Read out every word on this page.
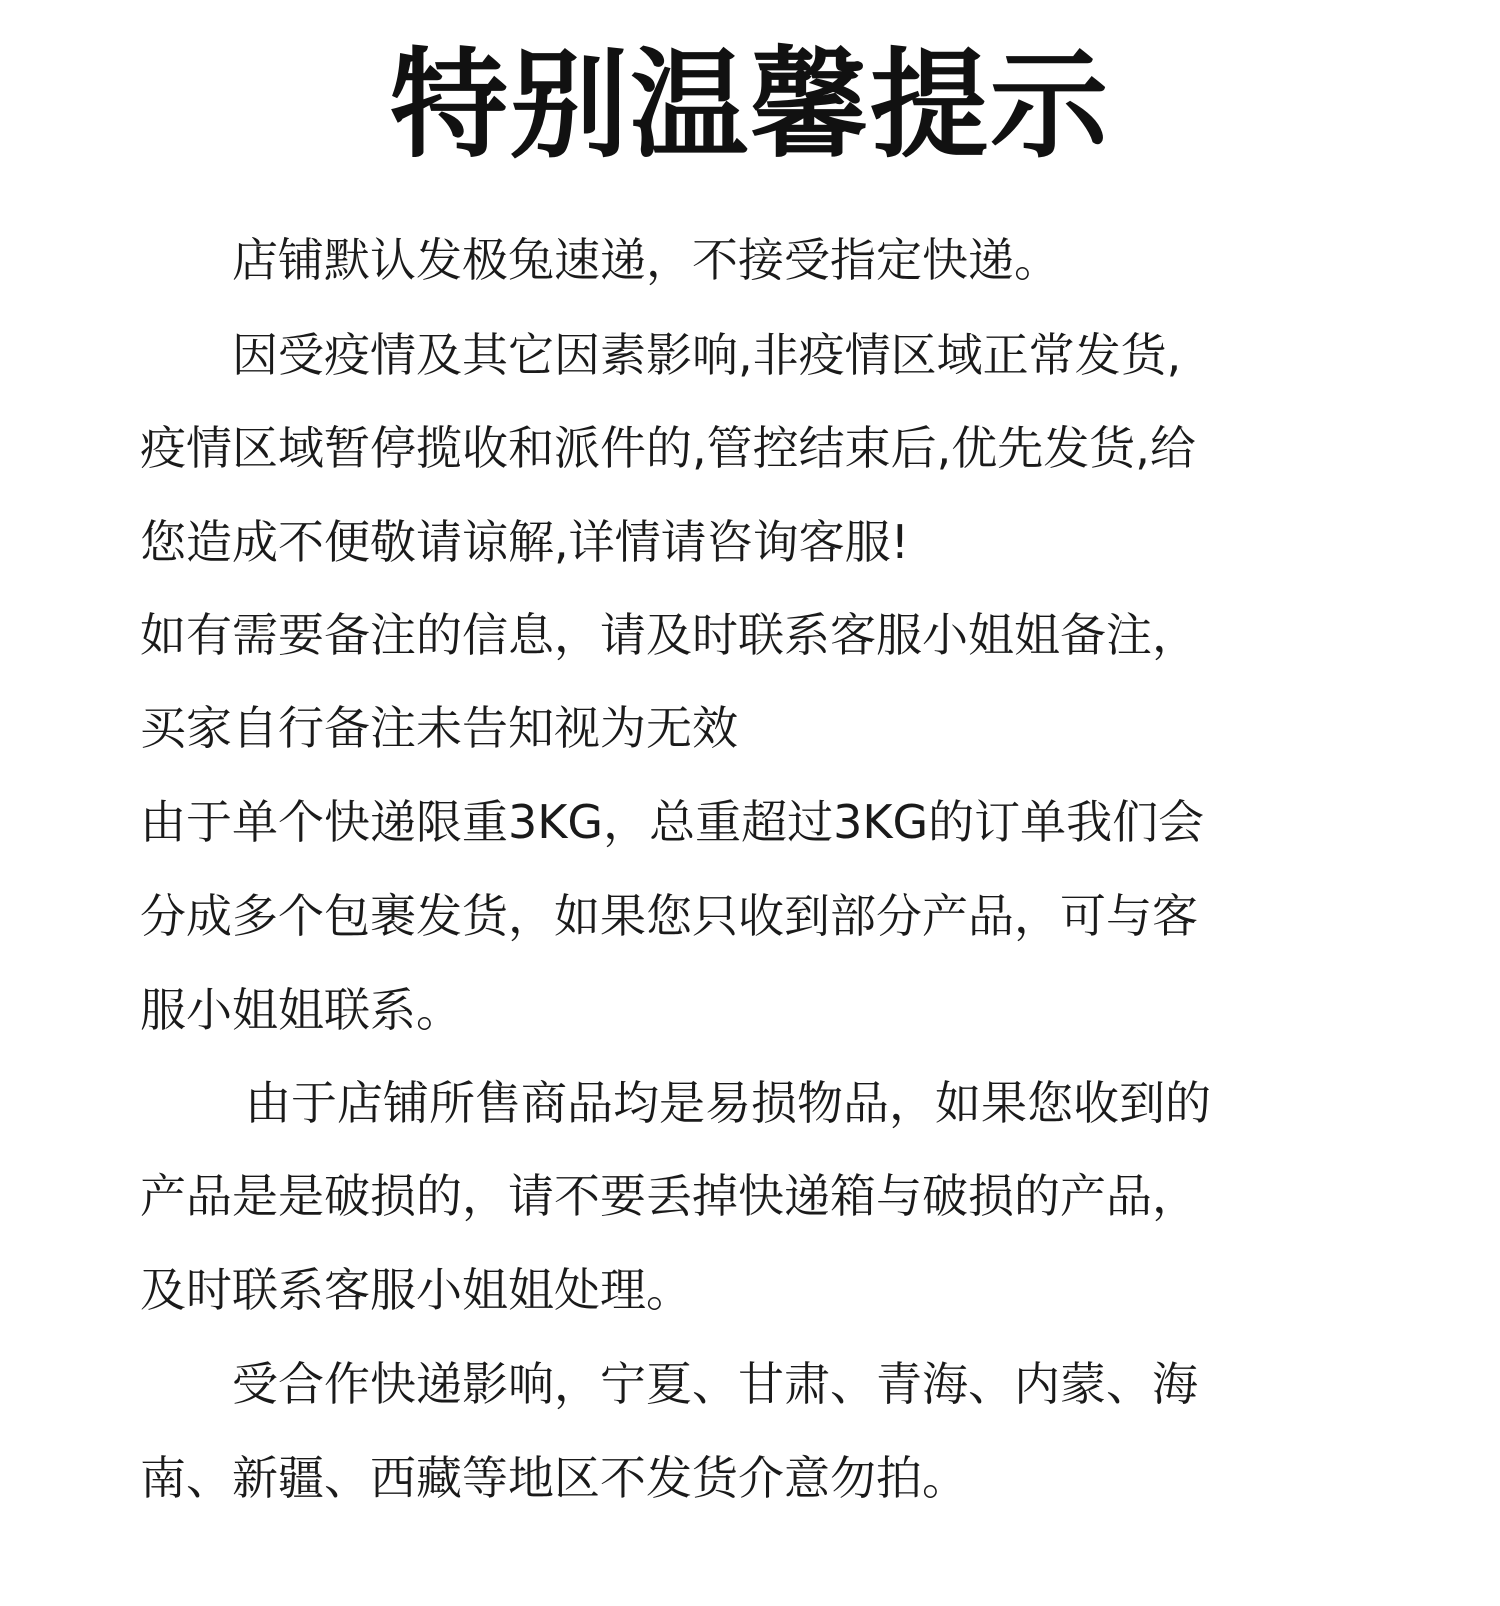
特别温馨提示
店铺默认发极兔速递，不接受指定快递。
因受疫情及其它因素影响,非疫情区域正常发货,
疫情区域暂停揽收和派件的,管控结束后,优先发货,给
您造成不便敬请谅解,详情请咨询客服!
如有需要备注的信息，请及时联系客服小姐姐备注，
买家自行备注未告知视为无效
由于单个快递限重3KG，总重超过3KG的订单我们会
分成多个包裹发货，如果您只收到部分产品，可与客
服小姐姐联系。
由于店铺所售商品均是易损物品，如果您收到的
产品是是破损的，请不要丢掉快递箱与破损的产品，
及时联系客服小姐姐处理。
受合作快递影响，宁夏、甘肃、青海、内蒙、海
南、新疆、西藏等地区不发货介意勿拍。
